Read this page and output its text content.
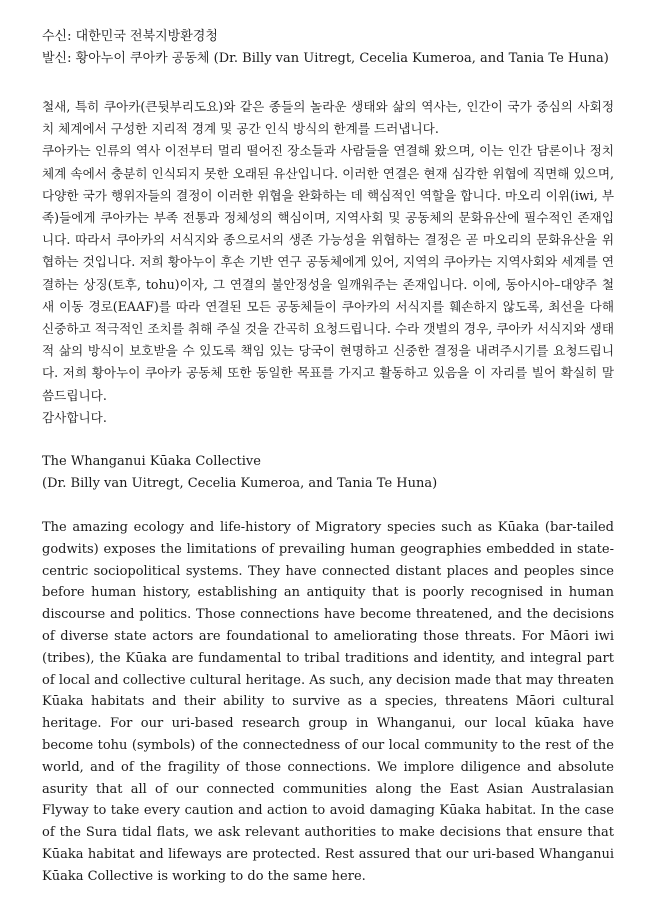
수신: 대한민국 전북지방환경청
발신: 황아누이 쿠아카 공동체 (Dr. Billy van Uitregt, Cecelia Kumeroa, and Tania Te Huna)

철새, 특히 쿠아카(큰뒷부리도요)와 같은 종들의 놀라운 생태와 삶의 역사는, 인간이 국가 중심의 사회정치 체계에서 구성한 지리적 경계 및 공간 인식 방식의 한계를 드러냅니다.

쿠아카는 인류의 역사 이전부터 멀리 떨어진 장소들과 사람들을 연결해 왔으며, 이는 인간 담론이나 정치 체계 속에서 충분히 인식되지 못한 오래된 유산입니다. 이러한 연결은 현재 심각한 위협에 직면해 있으며, 다양한 국가 행위자들의 결정이 이러한 위협을 완화하는 데 핵심적인 역할을 합니다. 마오리 이위(iwi, 부족)들에게 쿠아카는 부족 전통과 정체성의 핵심이며, 지역사회 및 공동체의 문화유산에 필수적인 존재입니다. 따라서 쿠아카의 서식지와 종으로서의 생존 가능성을 위협하는 결정은 곧 마오리의 문화유산을 위협하는 것입니다. 저희 황아누이 후손 기반 연구 공동체에게 있어, 지역의 쿠아카는 지역사회와 세계를 연결하는 상징(토후, tohu)이자, 그 연결의 불안정성을 일깨워주는 존재입니다. 이에, 동아시아–대양주 철새 이동 경로(EAAF)를 따라 연결된 모든 공동체들이 쿠아카의 서식지를 훼손하지 않도록, 최선을 다해 신중하고 적극적인 조치를 취해 주실 것을 간곡히 요청드립니다. 수라 갯벌의 경우, 쿠아카 서식지와 생태적 삶의 방식이 보호받을 수 있도록 책임 있는 당국이 현명하고 신중한 결정을 내려주시기를 요청드립니다. 저희 황아누이 쿠아카 공동체 또한 동일한 목표를 가지고 활동하고 있음을 이 자리를 빌어 확실히 말씀드립니다.

감사합니다.

The Whanganui Kūaka Collective
(Dr. Billy van Uitregt, Cecelia Kumeroa, and Tania Te Huna)

The amazing ecology and life-history of Migratory species such as Kūaka (bar-tailed godwits) exposes the limitations of prevailing human geographies embedded in state-centric sociopolitical systems. They have connected distant places and peoples since before human history, establishing an antiquity that is poorly recognised in human discourse and politics. Those connections have become threatened, and the decisions of diverse state actors are foundational to ameliorating those threats. For Māori iwi (tribes), the Kūaka are fundamental to tribal traditions and identity, and integral part of local and collective cultural heritage. As such, any decision made that may threaten Kūaka habitats and their ability to survive as a species, threatens Māori cultural heritage. For our uri-based research group in Whanganui, our local kūaka have become tohu (symbols) of the connectedness of our local community to the rest of the world, and of the fragility of those connections. We implore diligence and absolute asurity that all of our connected communities along the East Asian Australasian Flyway to take every caution and action to avoid damaging Kūaka habitat. In the case of the Sura tidal flats, we ask relevant authorities to make decisions that ensure that Kūaka habitat and lifeways are protected. Rest assured that our uri-based Whanganui Kūaka Collective is working to do the same here.
